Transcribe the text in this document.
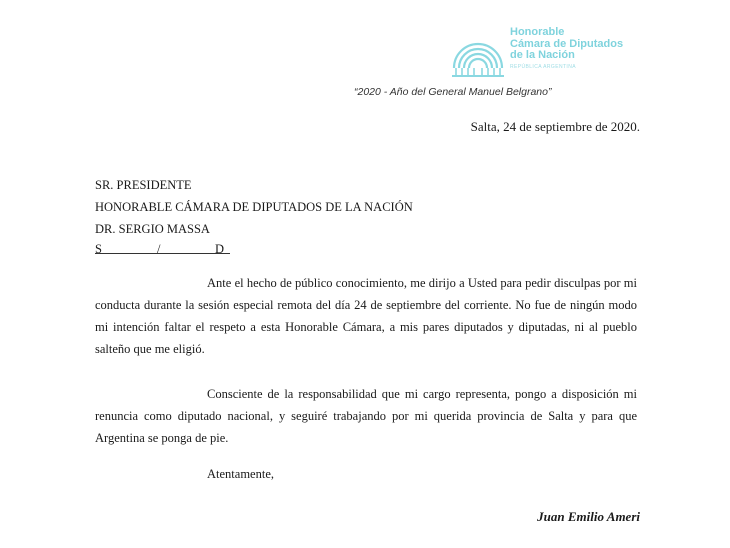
Honorable
Cámara de Diputados
de la Nación
REPÚBLICA ARGENTINA
“2020 - Año del General Manuel Belgrano”
Salta, 24 de septiembre de 2020.
SR. PRESIDENTE
HONORABLE CÁMARA DE DIPUTADOS DE LA NACIÓN
DR. SERGIO MASSA
S	/	D
Ante el hecho de público conocimiento, me dirijo a Usted para pedir disculpas por mi conducta durante la sesión especial remota del día 24 de septiembre del corriente. No fue de ningún modo mi intención faltar el respeto a esta Honorable Cámara, a mis pares diputados y diputadas, ni al pueblo salteño que me eligió.
Consciente de la responsabilidad que mi cargo representa, pongo a disposición mi renuncia como diputado nacional, y seguiré trabajando por mi querida provincia de Salta y para que Argentina se ponga de pie.
Atentamente,
Juan Emilio Ameri
